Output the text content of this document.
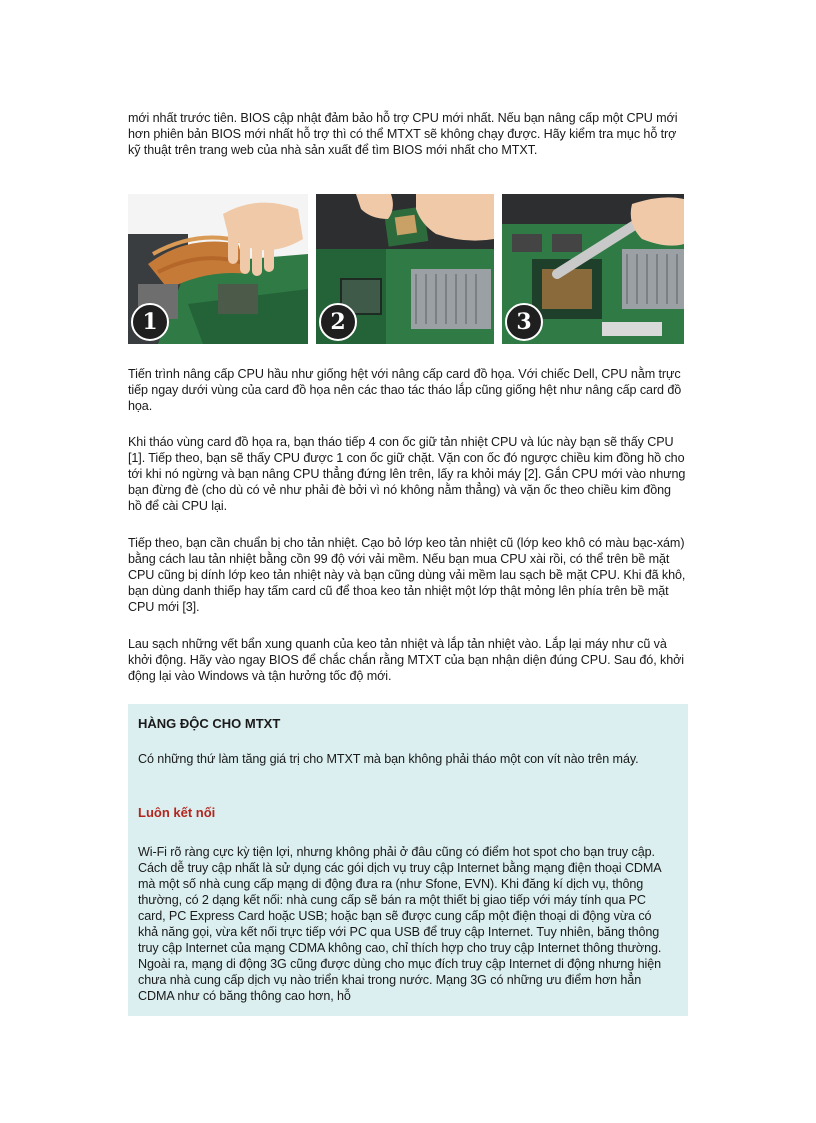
mới nhất trước tiên. BIOS cập nhật đảm bảo hỗ trợ CPU mới nhất. Nếu bạn nâng cấp một CPU mới hơn phiên bản BIOS mới nhất hỗ trợ thì có thể MTXT sẽ không chạy được. Hãy kiểm tra mục hỗ trợ kỹ thuật trên trang web của nhà sản xuất để tìm BIOS mới nhất cho MTXT.

1	2	3

Tiến trình nâng cấp CPU hầu như giống hệt với nâng cấp card đồ họa. Với chiếc Dell, CPU nằm trực tiếp ngay dưới vùng của card đồ họa nên các thao tác tháo lắp cũng giống hệt như nâng cấp card đồ họa.

Khi tháo vùng card đồ họa ra, bạn tháo tiếp 4 con ốc giữ tản nhiệt CPU và lúc này bạn sẽ thấy CPU [1]. Tiếp theo, bạn sẽ thấy CPU được 1 con ốc giữ chặt. Vặn con ốc đó ngược chiều kim đồng hồ cho tới khi nó ngừng và bạn nâng CPU thẳng đứng lên trên, lấy ra khỏi máy [2]. Gắn CPU mới vào nhưng bạn đừng đè (cho dù có vẻ như phải đè bởi vì nó không nằm thẳng) và vặn ốc theo chiều kim đồng hồ để cài CPU lại.

Tiếp theo, bạn cần chuẩn bị cho tản nhiệt. Cạo bỏ lớp keo tản nhiệt cũ (lớp keo khô có màu bạc-xám) bằng cách lau tản nhiệt bằng cồn 99 độ với vải mềm. Nếu bạn mua CPU xài rồi, có thể trên bề mặt CPU cũng bị dính lớp keo tản nhiệt này và bạn cũng dùng vải mềm lau sạch bề mặt CPU. Khi đã khô, bạn dùng danh thiếp hay tấm card cũ để thoa keo tản nhiệt một lớp thật mỏng lên phía trên bề mặt CPU mới [3].

Lau sạch những vết bẩn xung quanh của keo tản nhiệt và lắp tản nhiệt vào. Lắp lại máy như cũ và khởi động. Hãy vào ngay BIOS để chắc chắn rằng MTXT của bạn nhận diện đúng CPU. Sau đó, khởi động lại vào Windows và tận hưởng tốc độ mới.

HÀNG ĐỘC CHO MTXT

Có những thứ làm tăng giá trị cho MTXT mà bạn không phải tháo một con vít nào trên máy.

Luôn kết nối

Wi-Fi rõ ràng cực kỳ tiện lợi, nhưng không phải ở đâu cũng có điểm hot spot cho bạn truy cập. Cách dễ truy cập nhất là sử dụng các gói dịch vụ truy cập Internet bằng mạng điện thoại CDMA mà một số nhà cung cấp mạng di động đưa ra (như Sfone, EVN). Khi đăng kí dịch vụ, thông thường, có 2 dạng kết nối: nhà cung cấp sẽ bán ra một thiết bị giao tiếp với máy tính qua PC card, PC Express Card hoặc USB; hoặc bạn sẽ được cung cấp một điện thoại di động vừa có khả năng gọi, vừa kết nối trực tiếp với PC qua USB để truy cập Internet. Tuy nhiên, băng thông truy cập Internet của mạng CDMA không cao, chỉ thích hợp cho truy cập Internet thông thường. Ngoài ra, mạng di động 3G cũng được dùng cho mục đích truy cập Internet di động nhưng hiện chưa nhà cung cấp dịch vụ nào triển khai trong nước. Mạng 3G có những ưu điểm hơn hẳn CDMA như có băng thông cao hơn, hỗ
